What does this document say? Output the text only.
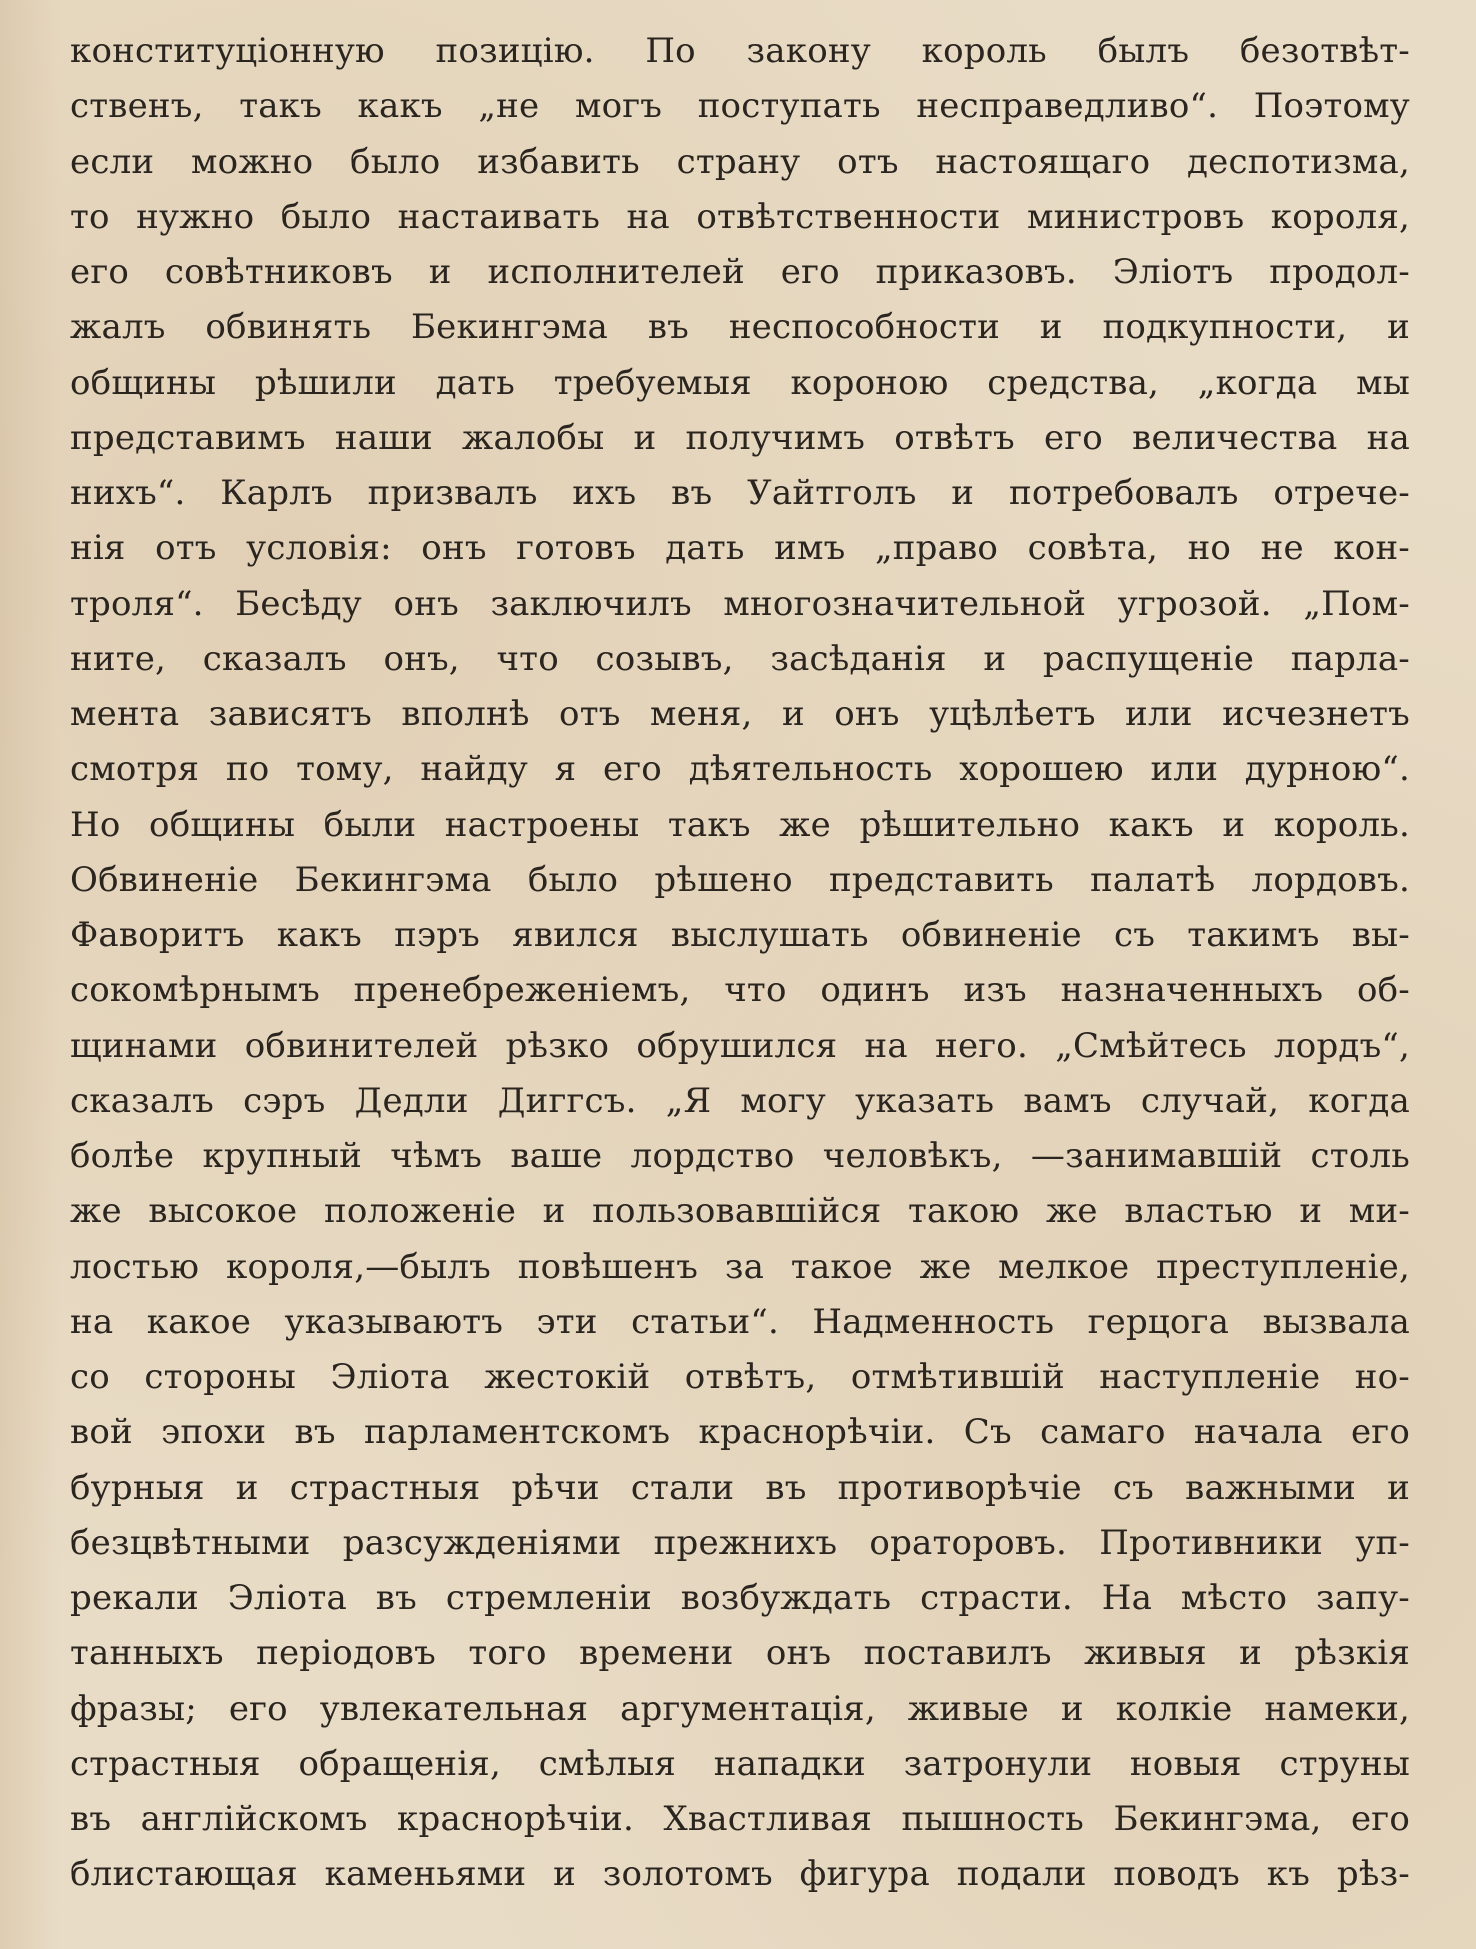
конституціонную позицію. По закону король былъ безотвѣт-
ственъ, такъ какъ „не могъ поступать несправедливо“. Поэтому
если можно было избавить страну отъ настоящаго деспотизма,
то нужно было настаивать на отвѣтственности министровъ короля,
его совѣтниковъ и исполнителей его приказовъ. Эліотъ продол-
жалъ обвинять Бекингэма въ неспособности и подкупности, и
общины рѣшили дать требуемыя короною средства, „когда мы
представимъ наши жалобы и получимъ отвѣтъ его величества на
нихъ“. Карлъ призвалъ ихъ въ Уайтголъ и потребовалъ отрече-
нія отъ условія: онъ готовъ дать имъ „право совѣта, но не кон-
троля“. Бесѣду онъ заключилъ многозначительной угрозой. „Пом-
ните, сказалъ онъ, что созывъ, засѣданія и распущеніе парла-
мента зависятъ вполнѣ отъ меня, и онъ уцѣлѣетъ или исчезнетъ
смотря по тому, найду я его дѣятельность хорошею или дурною“.
Но общины были настроены такъ же рѣшительно какъ и король.
Обвиненіе Бекингэма было рѣшено представить палатѣ лордовъ.
Фаворитъ какъ пэръ явился выслушать обвиненіе съ такимъ вы-
сокомѣрнымъ пренебреженіемъ, что одинъ изъ назначенныхъ об-
щинами обвинителей рѣзко обрушился на него. „Смѣйтесь лордъ“,
сказалъ сэръ Дедли Диггсъ. „Я могу указать вамъ случай, когда
болѣе крупный чѣмъ ваше лордство человѣкъ, —занимавшій столь
же высокое положеніе и пользовавшійся такою же властью и ми-
лостью короля,—былъ повѣшенъ за такое же мелкое преступленіе,
на какое указываютъ эти статьи“. Надменность герцога вызвала
со стороны Эліота жестокій отвѣтъ, отмѣтившій наступленіе но-
вой эпохи въ парламентскомъ краснорѣчіи. Съ самаго начала его
бурныя и страстныя рѣчи стали въ противорѣчіе съ важными и
безцвѣтными разсужденіями прежнихъ ораторовъ. Противники уп-
рекали Эліота въ стремленіи возбуждать страсти. На мѣсто запу-
танныхъ періодовъ того времени онъ поставилъ живыя и рѣзкія
фразы; его увлекательная аргументація, живые и колкіе намеки,
страстныя обращенія, смѣлыя нападки затронули новыя струны
въ англійскомъ краснорѣчіи. Хвастливая пышность Бекингэма, его
блистающая каменьями и золотомъ фигура подали поводъ къ рѣз-
